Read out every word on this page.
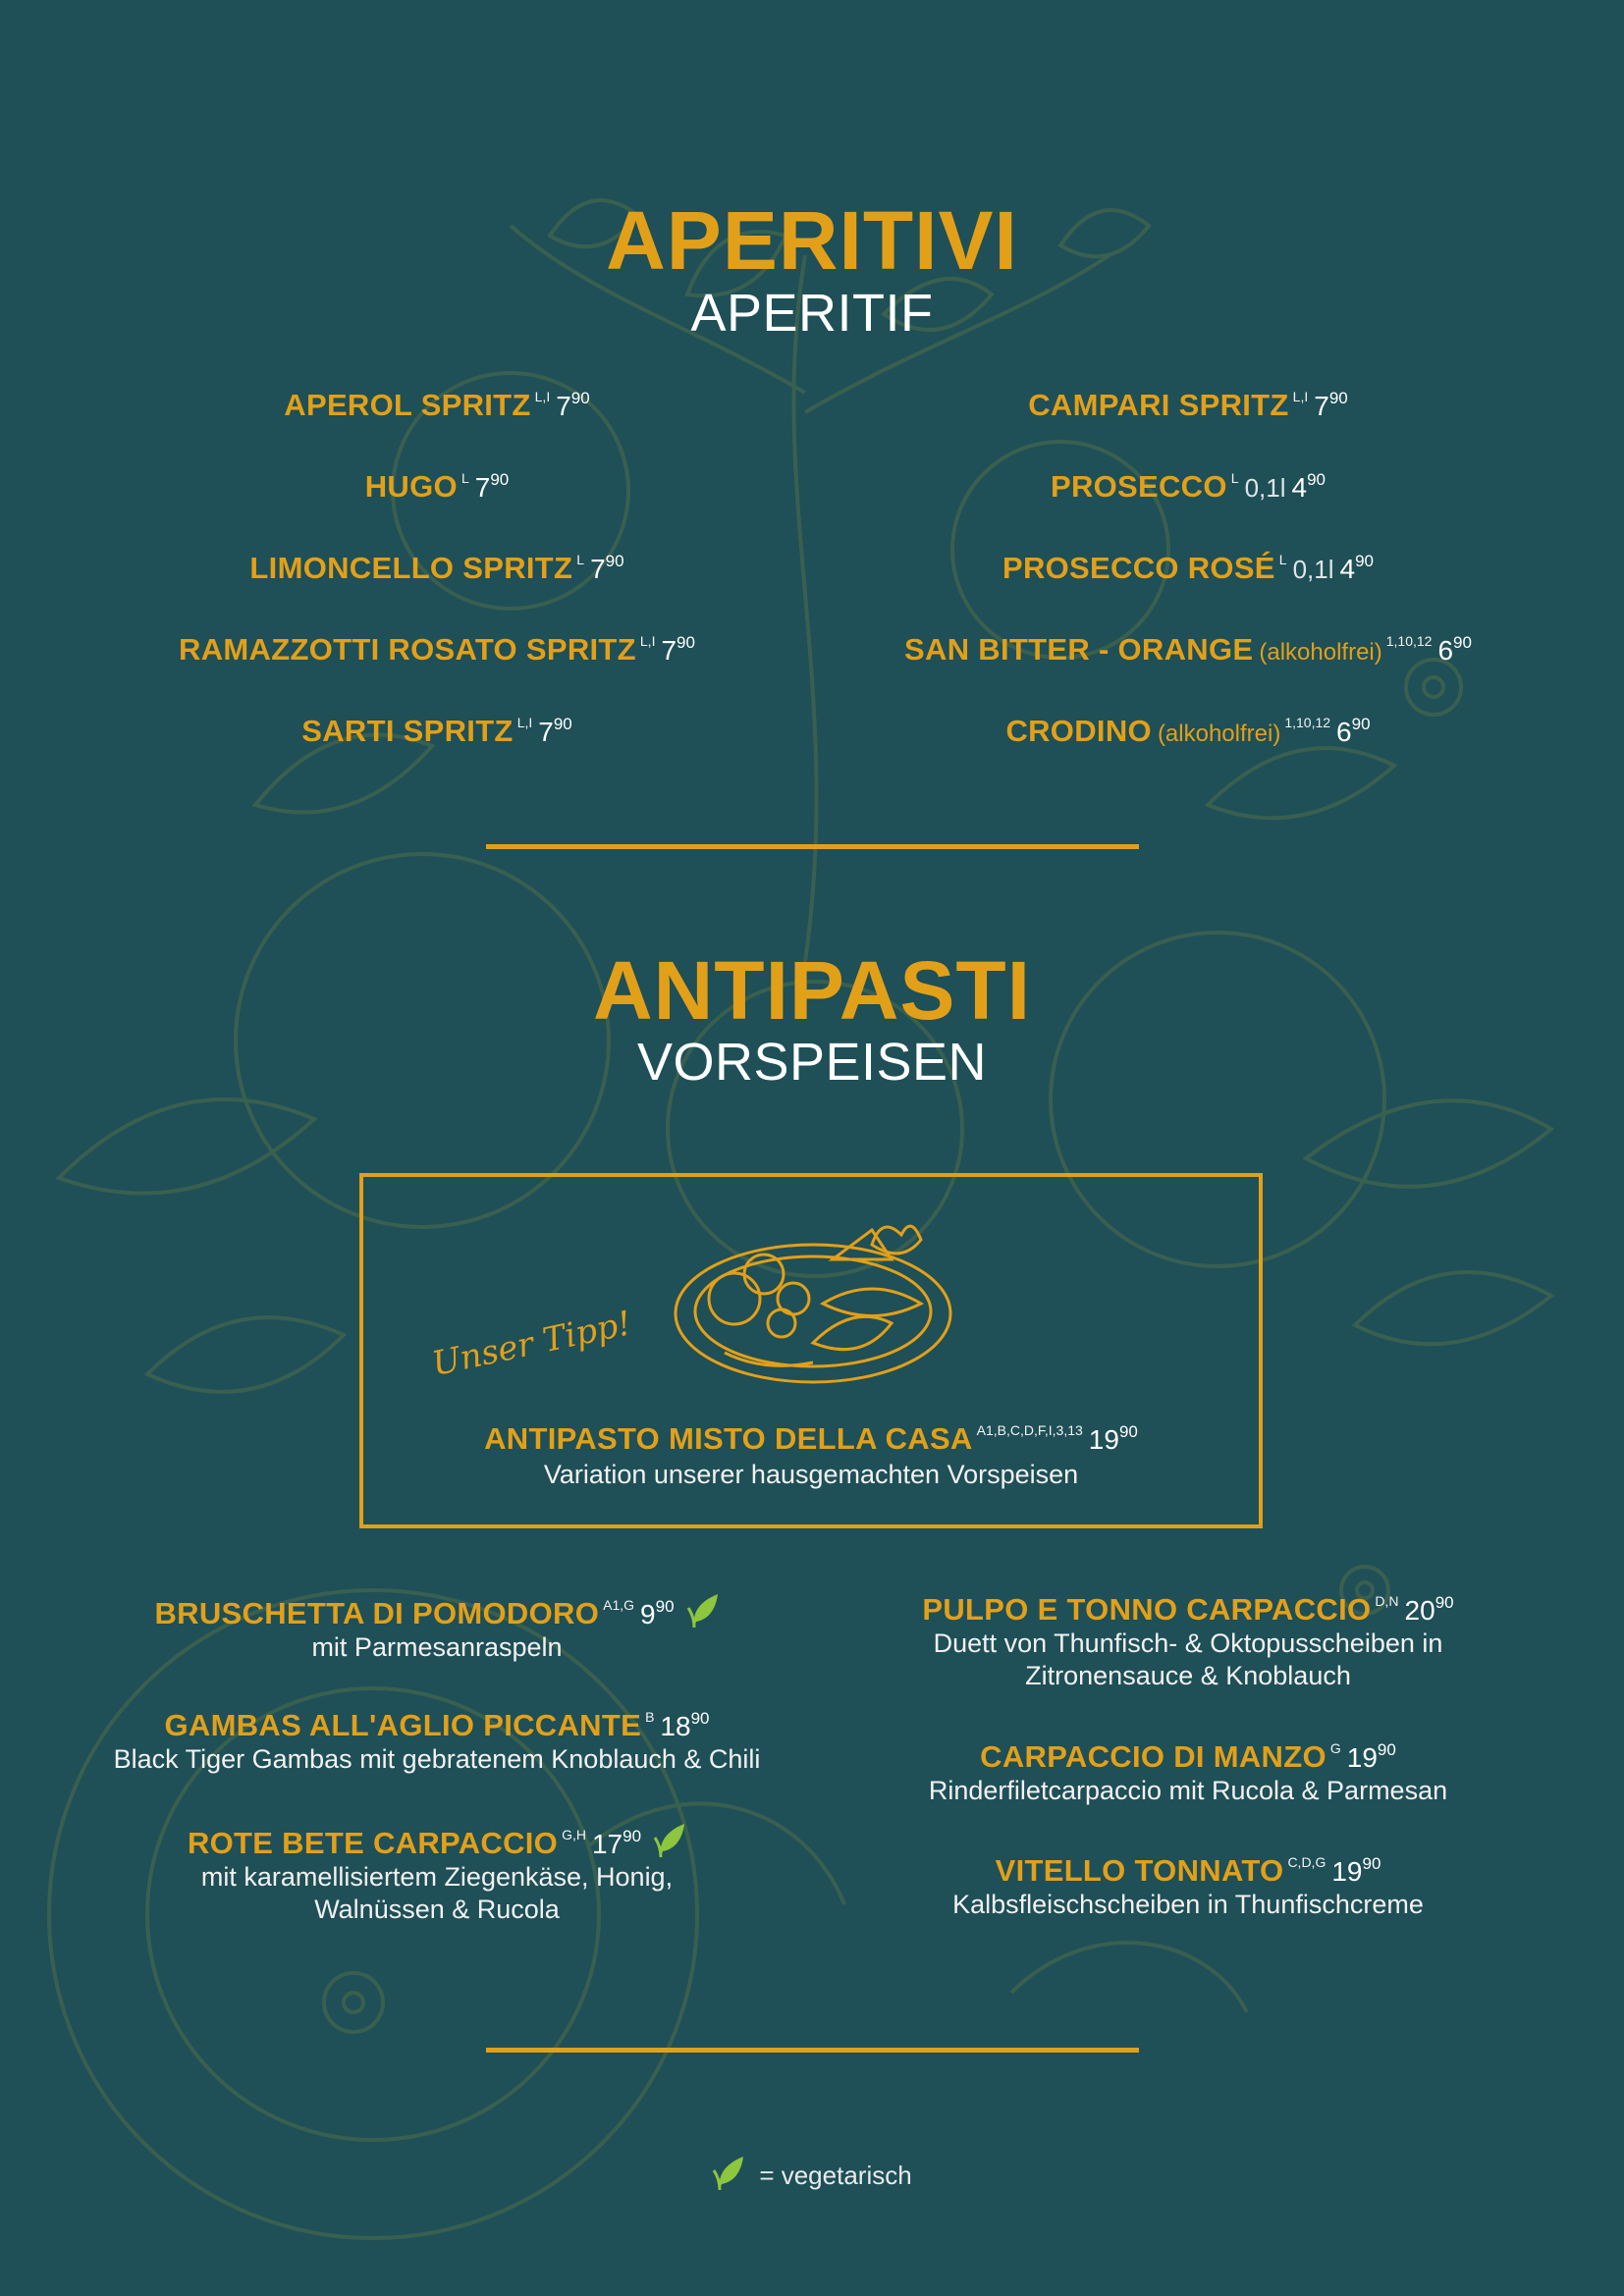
APERITIVI
APERITIF
APEROL SPRITZ L,I $7^{90}$
HUGO L $7^{90}$
LIMONCELLO SPRITZ L $7^{90}$
RAMAZZOTTI ROSATO SPRITZ L,I $7^{90}$
SARTI SPRITZ L,I $7^{90}$
CAMPARI SPRITZ L,I $7^{90}$
PROSECCO L 0,1l $4^{90}$
PROSECCO ROSÉ L 0,1l $4^{90}$
SAN BITTER - ORANGE (alkoholfrei) 1,10,12 $6^{90}$
CRODINO (alkoholfrei) 1,10,12 $6^{90}$
ANTIPASTI
VORSPEISEN
Unser Tipp!
ANTIPASTO MISTO DELLA CASA A1,B,C,D,F,I,3,13 $19^{90}$
Variation unserer hausgemachten Vorspeisen
BRUSCHETTA DI POMODORO A1,G $9^{90}$
mit Parmesanraspeln
GAMBAS ALL'AGLIO PICCANTE B $18^{90}$
Black Tiger Gambas mit gebratenem Knoblauch & Chili
ROTE BETE CARPACCIO G,H $17^{90}$
mit karamellisiertem Ziegenkäse, Honig,
Walnüssen & Rucola
PULPO E TONNO CARPACCIO D,N $20^{90}$
Duett von Thunfisch- & Oktopusscheiben in
Zitronensauce & Knoblauch
CARPACCIO DI MANZO G $19^{90}$
Rinderfiletcarpaccio mit Rucola & Parmesan
VITELLO TONNATO C,D,G $19^{90}$
Kalbsfleischscheiben in Thunfischcreme
= vegetarisch
